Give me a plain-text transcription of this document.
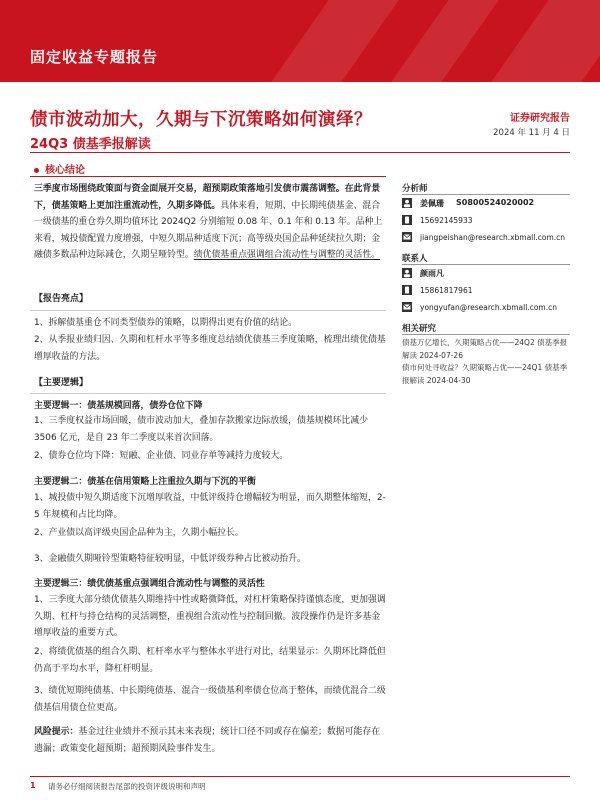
固定收益专题报告
债市波动加大，久期与下沉策略如何演绎？
24Q3 债基季报解读
证券研究报告
2024 年 11 月 4 日
核心结论
三季度市场围绕政策面与资金面展开交易，超预期政策落地引发债市震荡调整。在此背景下，债基策略上更加注重流动性，久期多降低。具体来看，短期、中长期纯债基金、混合一级债基的重仓券久期均值环比 2024Q2 分别缩短 0.08 年、0.1 年和 0.13 年。品种上来看，城投债配置力度增强，中短久期品种适度下沉；高等级央国企品种延续拉久期；金融债多数品种边际减仓，久期呈哑铃型。绩优债基重点强调组合流动性与调整的灵活性。
【报告亮点】
1、拆解债基重仓不同类型债券的策略，以期得出更有价值的结论。
2、从季报业绩归因、久期和杠杆水平等多维度总结绩优债基三季度策略，梳理出绩优债基增厚收益的方法。
【主要逻辑】
主要逻辑一：债基规模回落，债券仓位下降
1、三季度权益市场回暖，债市波动加大，叠加存款搬家边际放缓，债基规模环比减少 3506 亿元，是自 23 年二季度以来首次回落。
2、债券仓位均下降：短融、企业债、同业存单等减持力度较大。
主要逻辑二：债基在信用策略上注重拉久期与下沉的平衡
1、城投债中短久期适度下沉增厚收益，中低评级持仓增幅较为明显，而久期整体缩短，2-5 年规模和占比均降。
2、产业债以高评级央国企品种为主，久期小幅拉长。
3、金融债久期哑铃型策略特征较明显，中低评级券种占比被动抬升。
主要逻辑三：绩优债基重点强调组合流动性与调整的灵活性
1、三季度大部分绩优债基久期维持中性或略微降低，对杠杆策略保持谨慎态度，更加强调久期、杠杆与持仓结构的灵活调整，重视组合流动性与控制回撤。波段操作仍是许多基金增厚收益的重要方式。
2、将绩优债基的组合久期、杠杆率水平与整体水平进行对比，结果显示：久期环比降低但仍高于平均水平，降杠杆明显。
3、绩优短期纯债基、中长期纯债基、混合一级债基利率债仓位高于整体，而绩优混合二级债基信用债仓位更高。
风险提示：基金过往业绩并不预示其未来表现；统计口径不同或存在偏差；数据可能存在遗漏；政策变化超预期；超预期风险事件发生。
分析师
姜佩珊 S0800524020002
15692145933
jiangpeishan@research.xbmall.com.cn
联系人
颜雨凡
15861817961
yongyufan@research.xbmall.com.cn
相关研究
债基万亿增长，久期策略占优——24Q2 债基季报解读 2024-07-26
债市何处寻收益？久期策略占优——24Q1 债基季报解读 2024-04-30
1 请务必仔细阅读报告尾部的投资评级说明和声明
